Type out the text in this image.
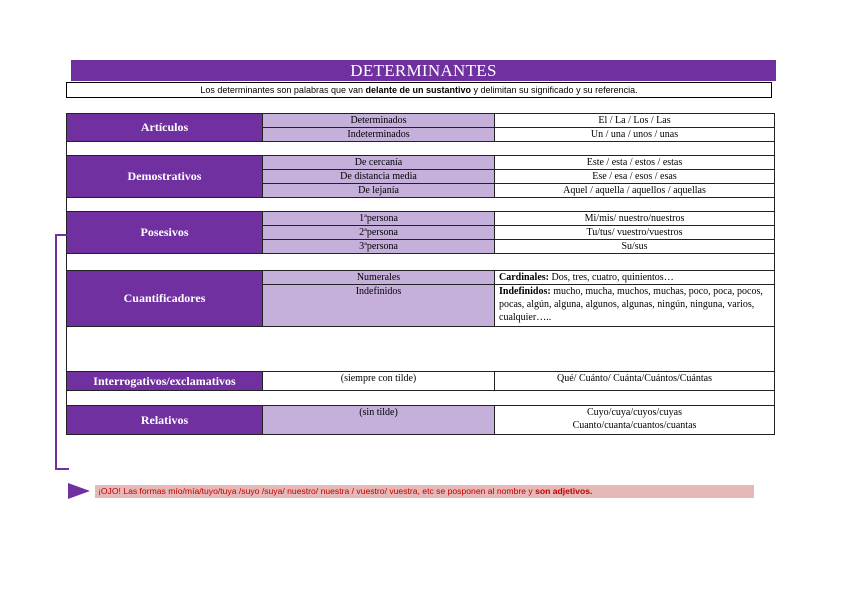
DETERMINANTES
Los determinantes son palabras que van delante de un sustantivo y delimitan su significado y su referencia.
Artículos	Determinados	El / La / Los / Las
	Indeterminados	Un / una / unos / unas

Demostrativos	De cercanía	Este / esta / estos / estas
	De distancia media	Ese / esa / esos / esas
	De lejanía	Aquel / aquella / aquellos / aquellas

Posesivos	1ªpersona	Mi/mis/ nuestro/nuestros
	2ªpersona	Tu/tus/ vuestro/vuestros
	3ªpersona	Su/sus

Cuantificadores	Numerales	Cardinales: Dos, tres, cuatro, quinientos…
	Indefinidos	Indefinidos: mucho, mucha, muchos, muchas, poco, poca, pocos, pocas, algún, alguna, algunos, algunas, ningún, ninguna, varios, cualquier…..

Interrogativos/exclamativos	(siempre con tilde)	Qué/ Cuánto/ Cuánta/Cuántos/Cuántas

Relativos	(sin tilde)	Cuyo/cuya/cuyos/cuyas
Cuanto/cuanta/cuantos/cuantas
¡OJO! Las formas mío/mía/tuyo/tuya /suyo /suya/ nuestro/ nuestra / vuestro/ vuestra, etc se posponen al nombre y son adjetivos.
